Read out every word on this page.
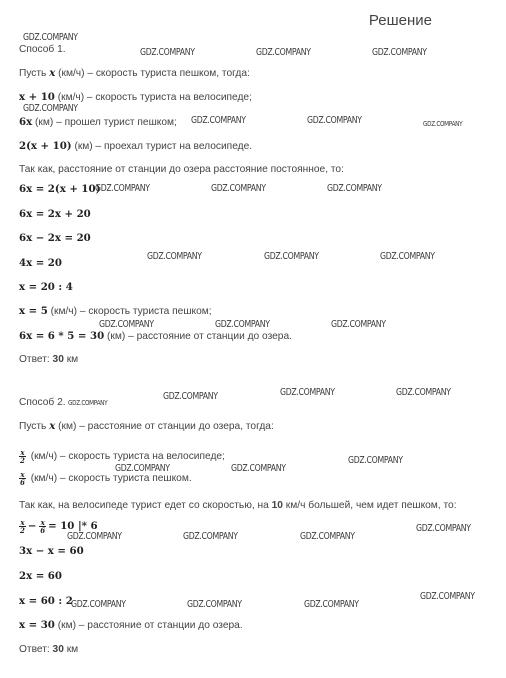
Решение
Способ 1.
Пусть x (км/ч) – скорость туриста пешком, тогда:
x + 10 (км/ч) – скорость туриста на велосипеде;
6x (км) – прошел турист пешком;
2(x + 10) (км) – проехал турист на велосипеде.
Так как, расстояние от станции до озера расстояние постоянное, то:
6x = 2(x + 10)
6x = 2x + 20
6x − 2x = 20
4x = 20
x = 20 : 4
x = 5 (км/ч) – скорость туриста пешком;
6x = 6 * 5 = 30 (км) – расстояние от станции до озера.
Ответ: 30 км
Способ 2.
Пусть x (км) – расстояние от станции до озера, тогда:
$\frac{x}{2} (км/ч)$ – скорость туриста на велосипеде;
$\frac{x}{6} (км/ч)$ – скорость туриста пешком.
Так как, на велосипеде турист едет со скоростью, на 10 км/ч большей, чем идет пешком, то:
$\frac{x}{2} - \frac{x}{6} = 10$ |* 6
3x − x = 60
2x = 60
x = 60 : 2
x = 30 (км) – расстояние от станции до озера.
Ответ: 30 км
GDZ.COMPANY
GDZ.COMPANY	GDZ.COMPANY	GDZ.COMPANY
GDZ.COMPANY
GDZ.COMPANY	GDZ.COMPANY	GDZ.COMPANY
GDZ.COMPANY	GDZ.COMPANY	GDZ.COMPANY
GDZ.COMPANY	GDZ.COMPANY	GDZ.COMPANY
GDZ.COMPANY	GDZ.COMPANY	GDZ.COMPANY
GDZ.COMPANY	GDZ.COMPANY
GDZ.COMPANY
GDZ.COMPANY
GDZ.COMPANY
GDZ.COMPANY	GDZ.COMPANY
GDZ.COMPANY
GDZ.COMPANY	GDZ.COMPANY	GDZ.COMPANY
GDZ.COMPANY
GDZ.COMPANY	GDZ.COMPANY	GDZ.COMPANY
